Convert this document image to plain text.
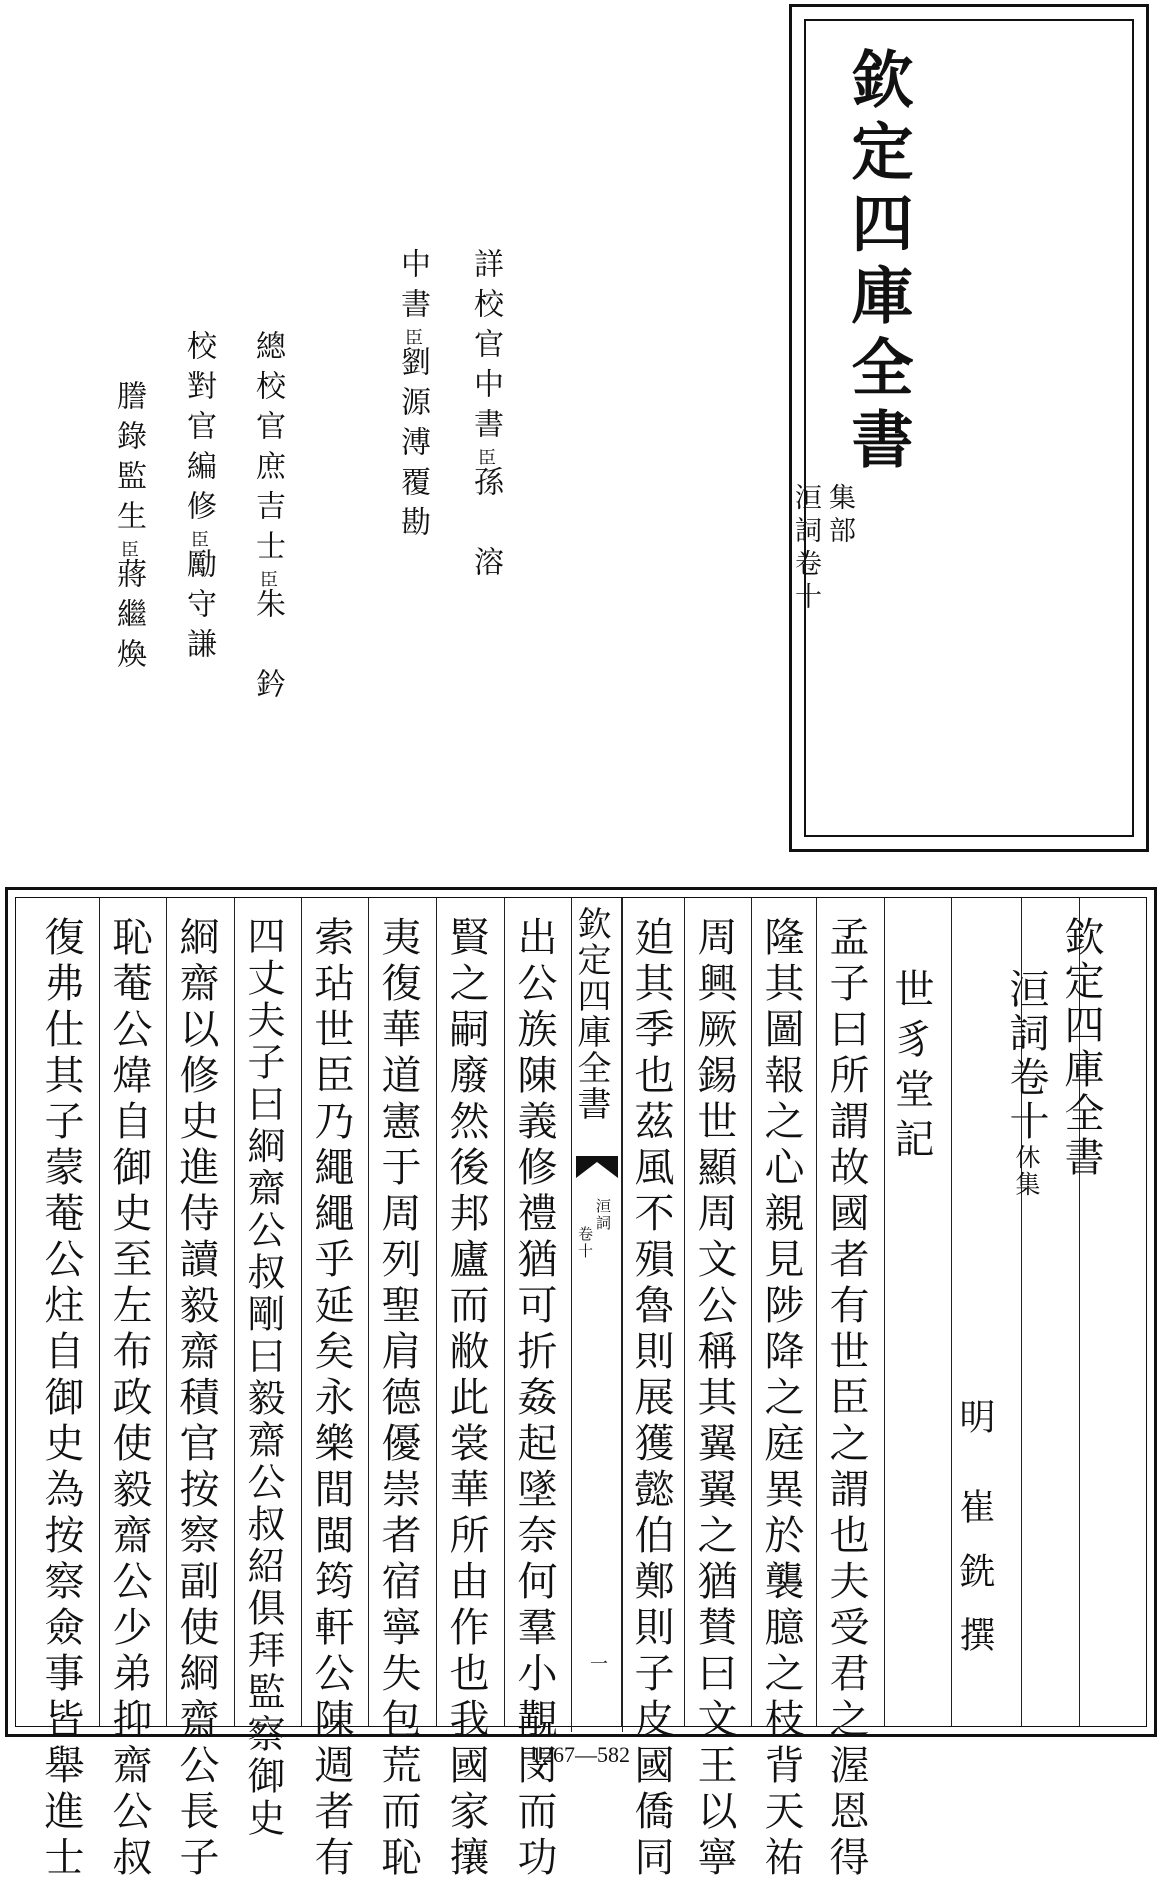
欽定四庫全書
集部
洹詞卷十
詳校官中書臣孫　溶
中書臣劉源溥覆勘
總校官庶吉士臣朱　鈐
校對官編修臣勵守謙
謄錄監生臣蔣繼煥
欽定四庫全書
洹詞卷十休集
世豸堂記
明
崔銑撰
孟子曰所謂故國者有世臣之謂也夫受君之渥恩得
隆其圖報之心親見陟降之庭異於襲臆之枝背天祐
周興厥錫世顯周文公稱其翼翼之猶賛曰文王以寧
廹其季也茲風不殞魯則展獲懿伯鄭則子皮國僑同
欽定四庫全書
洹詞
卷十
一
出公族陳義修禮猶可折姦起墜奈何羣小覯閔而功
賢之嗣廢然後邦廬而敝此裳華所由作也我國家攘
夷復華道憲于周列聖肩德優崇者宿寧失包荒而恥
索玷世臣乃繩繩乎延矣永樂間閩筠軒公陳週者有
四丈夫子曰綗齋公叔剛曰毅齋公叔紹俱拜監察御史
綗齋以修史進侍讀毅齋積官按察副使綗齋公長子
恥菴公煒自御史至左布政使毅齋公少弟抑齋公叔
復弗仕其子蒙菴公炷自御史為按察僉事皆舉進士	1267—582
